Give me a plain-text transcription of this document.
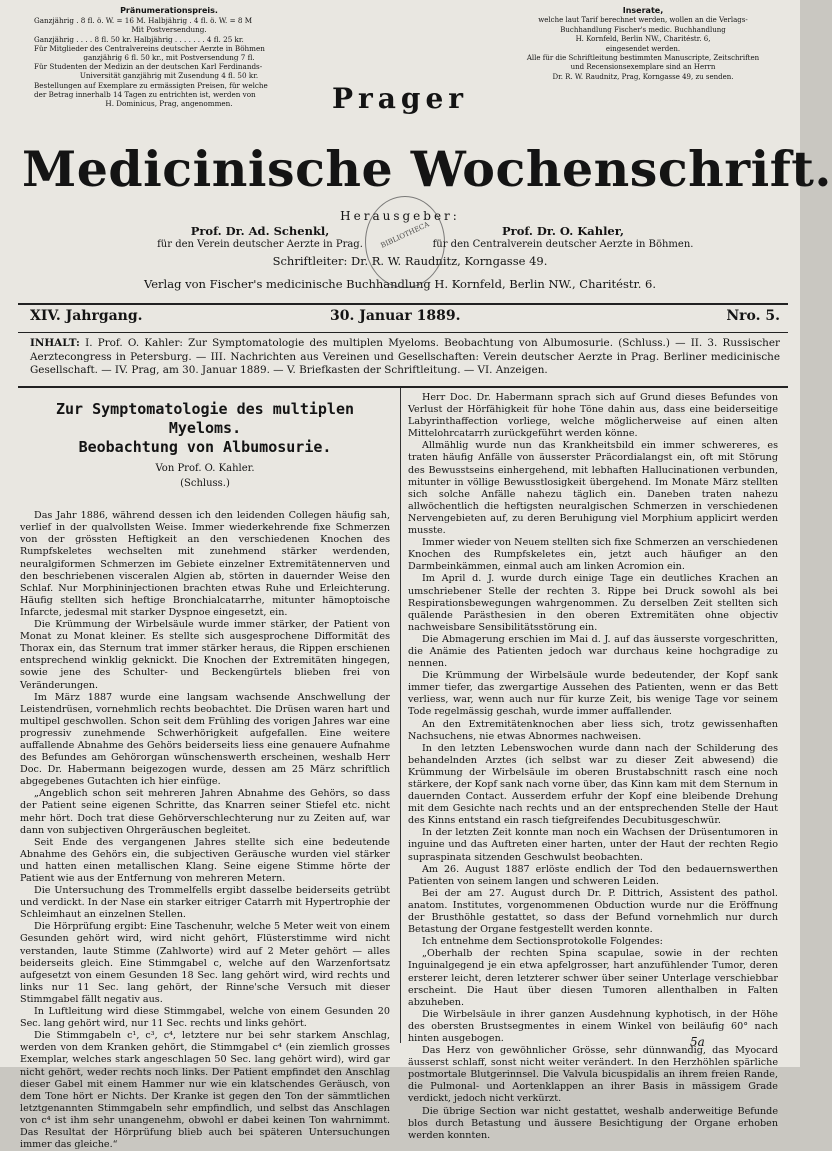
Pränumerationspreis.
Ganzjährig . 8 fl. ö. W. = 16 M. Halbjährig . 4 fl. ö. W. = 8 M
Mit Postversendung.
Ganzjährig . . . . 8 fl. 50 kr. Halbjährig . . . . . . . 4 fl. 25 kr.
Für Mitglieder des Centralvereins deutscher Aerzte in Böhmen
ganzjährig 6 fl. 50 kr., mit Postversendung 7 fl.
Für Studenten der Medizin an der deutschen Karl Ferdinands-
Universität ganzjährig mit Zusendung 4 fl. 50 kr.
Bestellungen auf Exemplare zu ermässigten Preisen, für welche
der Betrag innerhalb 14 Tagen zu entrichten ist, werden von
H. Dominicus, Prag, angenommen.
Inserate,
welche laut Tarif berechnet werden, wollen an die Verlags-
Buchhandlung Fischer's medic. Buchhandlung
H. Kornfeld, Berlin NW., Charitéstr. 6,
eingesendet werden.
Alle für die Schriftleitung bestimmten Manuscripte, Zeitschriften
und Recensionsexemplare sind an Herrn
Dr. R. W. Raudnitz, Prag, Korngasse 49, zu senden.
Prager
Medicinische Wochenschrift.
BIBLIOTHECA
Herausgeber:
Prof. Dr. Ad. Schenkl,
für den Verein deutscher Aerzte in Prag.
Prof. Dr. O. Kahler,
für den Centralverein deutscher Aerzte in Böhmen.
Schriftleiter: Dr. R. W. Raudnitz, Korngasse 49.
Verlag von Fischer's medicinische Buchhandlung H. Kornfeld, Berlin NW., Charitéstr. 6.
XIV. Jahrgang.	30. Januar 1889.	Nro. 5.
INHALT: I. Prof. O. Kahler: Zur Symptomatologie des multiplen Myeloms. Beobachtung von Albumosurie. (Schluss.) — II. 3. Russischer Aerztecongress in Petersburg. — III. Nachrichten aus Vereinen und Gesellschaften: Verein deutscher Aerzte in Prag. Berliner medicinische Gesellschaft. — IV. Prag, am 30. Januar 1889. — V. Briefkasten der Schriftleitung. — VI. Anzeigen.
Zur Symptomatologie des multiplen Myeloms.
Beobachtung von Albumosurie.
Von Prof. O. Kahler.
(Schluss.)

Das Jahr 1886, während dessen ich den leidenden Collegen häufig sah, verlief in der qualvollsten Weise. Immer wiederkehrende fixe Schmerzen von der grössten Heftigkeit an den verschiedenen Knochen des Rumpfskeletes wechselten mit zunehmend stärker werdenden, neuralgiformen Schmerzen im Gebiete einzelner Extremitätennerven und den beschriebenen visceralen Algien ab, störten in dauernder Weise den Schlaf. Nur Morphininjectionen brachten etwas Ruhe und Erleichterung. Häufig stellten sich heftige Bronchialcatarrhe, mitunter hämoptoische Infarcte, jedesmal mit starker Dyspnoe eingesetzt, ein.

Die Krümmung der Wirbelsäule wurde immer stärker, der Patient von Monat zu Monat kleiner. Es stellte sich ausgesprochene Difformität des Thorax ein, das Sternum trat immer stärker heraus, die Rippen erschienen entsprechend winklig geknickt. Die Knochen der Extremitäten hingegen, sowie jene des Schulter- und Beckengürtels blieben frei von Veränderungen.

Im März 1887 wurde eine langsam wachsende Anschwellung der Leistendrüsen, vornehmlich rechts beobachtet. Die Drüsen waren hart und multipel geschwollen. Schon seit dem Frühling des vorigen Jahres war eine progressiv zunehmende Schwerhörigkeit aufgefallen. Eine weitere auffallende Abnahme des Gehörs beiderseits liess eine genauere Aufnahme des Befundes am Gehörorgan wünschenswerth erscheinen, weshalb Herr Doc. Dr. Habermann beigezogen wurde, dessen am 25 März schriftlich abgegebenes Gutachten ich hier einfüge.

„Angeblich schon seit mehreren Jahren Abnahme des Gehörs, so dass der Patient seine eigenen Schritte, das Knarren seiner Stiefel etc. nicht mehr hört. Doch trat diese Gehörverschlechterung nur zu Zeiten auf, war dann von subjectiven Ohrgeräuschen begleitet.

Seit Ende des vergangenen Jahres stellte sich eine bedeutende Abnahme des Gehörs ein, die subjectiven Geräusche wurden viel stärker und hatten einen metallischen Klang. Seine eigene Stimme hörte der Patient wie aus der Entfernung von mehreren Metern.

Die Untersuchung des Trommelfells ergibt dasselbe beiderseits getrübt und verdickt. In der Nase ein starker eitriger Catarrh mit Hypertrophie der Schleimhaut an einzelnen Stellen.

Die Hörprüfung ergibt: Eine Taschenuhr, welche 5 Meter weit von einem Gesunden gehört wird, wird nicht gehört, Flüsterstimme wird nicht verstanden, laute Stimme (Zahlworte) wird auf 2 Meter gehört — alles beiderseits gleich. Eine Stimmgabel c, welche auf den Warzenfortsatz aufgesetzt von einem Gesunden 18 Sec. lang gehört wird, wird rechts und links nur 11 Sec. lang gehört, der Rinne'sche Versuch mit dieser Stimmgabel fällt negativ aus.

In Luftleitung wird diese Stimmgabel, welche von einem Gesunden 20 Sec. lang gehört wird, nur 11 Sec. rechts und links gehört.

Die Stimmgabeln c¹, c³, c⁴, letztere nur bei sehr starkem Anschlag, werden von dem Kranken gehört, die Stimmgabel c⁴ (ein ziemlich grosses Exemplar, welches stark angeschlagen 50 Sec. lang gehört wird), wird gar nicht gehört, weder rechts noch links. Der Patient empfindet den Anschlag dieser Gabel mit einem Hammer nur wie ein klatschendes Geräusch, von dem Tone hört er Nichts. Der Kranke ist gegen den Ton der sämmtlichen letztgenannten Stimmgabeln sehr empfindlich, und selbst das Anschlagen von c⁴ ist ihm sehr unangenehm, obwohl er dabei keinen Ton wahrnimmt. Das Resultat der Hörprüfung blieb auch bei späteren Untersuchungen immer das gleiche.“

Herr Doc. Dr. Habermann sprach sich auf Grund dieses Befundes von Verlust der Hörfähigkeit für hohe Töne dahin aus, dass eine beiderseitige Labyrinthaffection vorliege, welche möglicherweise auf einen alten Mittelohrcatarrh zurückgeführt werden könne.

Allmählig wurde nun das Krankheitsbild ein immer schwereres, es traten häufig Anfälle von äusserster Präcordialangst ein, oft mit Störung des Bewusstseins einhergehend, mit lebhaften Hallucinationen verbunden, mitunter in völlige Bewusstlosigkeit übergehend. Im Monate März stellten sich solche Anfälle nahezu täglich ein. Daneben traten nahezu allwöchentlich die heftigsten neuralgischen Schmerzen in verschiedenen Nervengebieten auf, zu deren Beruhigung viel Morphium applicirt werden musste.

Immer wieder von Neuem stellten sich fixe Schmerzen an verschiedenen Knochen des Rumpfskeletes ein, jetzt auch häufiger an den Darmbeinkämmen, einmal auch am linken Acromion ein.

Im April d. J. wurde durch einige Tage ein deutliches Krachen an umschriebener Stelle der rechten 3. Rippe bei Druck sowohl als bei Respirationsbewegungen wahrgenommen. Zu derselben Zeit stellten sich quälende Parästhesien in den oberen Extremitäten ohne objectiv nachweisbare Sensibilitätsstörung ein.

Die Abmagerung erschien im Mai d. J. auf das äusserste vorgeschritten, die Anämie des Patienten jedoch war durchaus keine hochgradige zu nennen.

Die Krümmung der Wirbelsäule wurde bedeutender, der Kopf sank immer tiefer, das zwergartige Aussehen des Patienten, wenn er das Bett verliess, war, wenn auch nur für kurze Zeit, bis wenige Tage vor seinem Tode regelmässig geschah, wurde immer auffallender.

An den Extremitätenknochen aber liess sich, trotz gewissenhaften Nachsuchens, nie etwas Abnormes nachweisen.

In den letzten Lebenswochen wurde dann nach der Schilderung des behandelnden Arztes (ich selbst war zu dieser Zeit abwesend) die Krümmung der Wirbelsäule im oberen Brustabschnitt rasch eine noch stärkere, der Kopf sank nach vorne über, das Kinn kam mit dem Sternum in dauernden Contact. Ausserdem erfuhr der Kopf eine bleibende Drehung mit dem Gesichte nach rechts und an der entsprechenden Stelle der Haut des Kinns entstand ein rasch tiefgreifendes Decubitusgeschwür.

In der letzten Zeit konnte man noch ein Wachsen der Drüsentumoren in inguine und das Auftreten einer harten, unter der Haut der rechten Regio supraspinata sitzenden Geschwulst beobachten.

Am 26. August 1887 erlöste endlich der Tod den bedauernswerthen Patienten von seinem langen und schweren Leiden.

Bei der am 27. August durch Dr. P. Dittrich, Assistent des pathol. anatom. Institutes, vorgenommenen Obduction wurde nur die Eröffnung der Brusthöhle gestattet, so dass der Befund vornehmlich nur durch Betastung der Organe festgestellt werden konnte.

Ich entnehme dem Sectionsprotokolle Folgendes:

„Oberhalb der rechten Spina scapulae, sowie in der rechten Inguinalgegend je ein etwa apfelgrosser, hart anzufühlender Tumor, deren ersterer leicht, deren letzterer schwer über seiner Unterlage verschiebbar erscheint. Die Haut über diesen Tumoren allenthalben in Falten abzuheben.

Die Wirbelsäule in ihrer ganzen Ausdehnung kyphotisch, in der Höhe des obersten Brustsegmentes in einem Winkel von beiläufig 60° nach hinten ausgebogen.

Das Herz von gewöhnlicher Grösse, sehr dünnwandig, das Myocard äusserst schlaff, sonst nicht weiter verändert. In den Herzhöhlen spärliche postmortale Blutgerinnsel. Die Valvula bicuspidalis an ihrem freien Rande, die Pulmonal- und Aortenklappen an ihrer Basis in mässigem Grade verdickt, jedoch nicht verkürzt.

Die übrige Section war nicht gestattet, weshalb anderweitige Befunde blos durch Betastung und äussere Besichtigung der Organe erhoben werden konnten.

5a
